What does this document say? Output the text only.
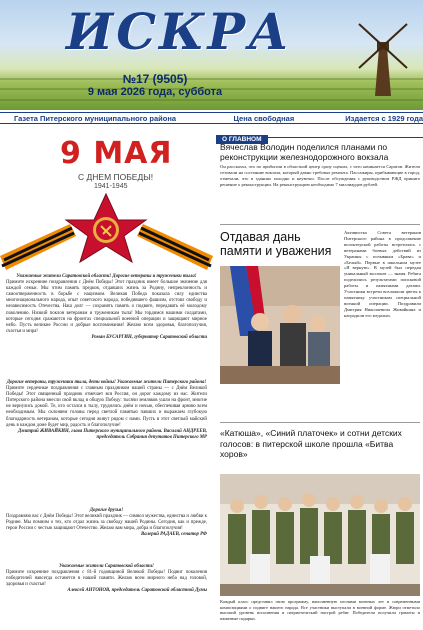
ИСКРА
№17 (9505)
9 мая 2026 года, суббота
Газета Питерского муниципального района	Цена свободная	Издается с 1929 года
9 МАЯ
С ДНЕМ ПОБЕДЫ!
1941-1945

Уважаемые жители Саратовской области! Дорогие ветераны и труженики тыла!

Примите искренние поздравления с Днём Победы! Этот праздник имеет большое значение для каждой семьи. Мы чтим память предков, отдавших жизнь за Родину, непреклонность и самоотверженность в борьбе с нацизмом. Великая Победа показала силу единства многонационального народа, опыт советского народа, победившего фашизм, отстоял свободу и независимость Отечества. Наш долг — сохранять память о подвиге, передавать её молодому поколению. Низкий поклон ветеранам и труженикам тыла! Мы гордимся нашими солдатами, которые сегодня сражаются на фронтах специальной военной операции и защищают мирное небо. Пусть великие России и добрые воспоминания! Желаю всем здоровья, благополучия, счастья и мира!

Роман БУСАРГИН, губернатор Саратовской области

Дорогие ветераны, труженики тыла, дети войны! Уважаемые жители Питерского района!

Примите сердечные поздравления с главным праздником нашей страны — с Днём Великой Победы! Этот священный праздник отмечает вся Россия, он дорог каждому из нас. Жители Питерского района внесли свой вклад в общую Победу: тысячи земляков ушли на фронт, многие не вернулись домой. Те, кто остался в тылу, трудились днём и ночью, обеспечивая армию всем необходимым. Мы склоняем головы перед светлой памятью павших и выражаем глубокую благодарность ветеранам, которые сегодня живут рядом с нами. Пусть в этот светлый майский день в каждом доме будет мир, радость и благополучие!

Дмитрий ЖИВАЙКИН, глава Питерского муниципального района. Василий АНДРЕЕВ, председатель Собрания депутатов Питерского МР

Дорогие друзья!

Поздравляю вас с Днём Победы! Этот великий праздник — символ мужества, единства и любви к Родине. Мы помним о тех, кто отдал жизнь за свободу нашей Родины. Сегодня, как и прежде, герои России с честью защищают Отечество. Желаю вам мира, добра и благополучия!

Валерий РАДАЕВ, сенатор РФ

Уважаемые жители Саратовской области!

Примите искренние поздравления с 81-й годовщиной Великой Победы! Подвиг поколения победителей навсегда останется в нашей памяти. Желаю всем мирного неба над головой, здоровья и счастья!

Алексей АНТОНОВ, председатель Саратовской областной Думы

О ГЛАВНОМ
Вячеслав Володин поделился планами по реконструкции железнодорожного вокзала
Он рассказал, что по прибытии в областной центр сразу оценил, с чего начинается Саратов. Жители сетовали на состояние вокзала, который давно требовал ремонта. Пассажиры, прибывающие в город, отмечали, что в зданиях холодно и неуютно. После обсуждения с руководством РЖД принято решение о реконструкции. На реконструкцию необходимо 7 миллиардов рублей.
Отдавая дань памяти и уважения
Активистка Совета ветеранов Питерского района в продолжение волонтерской работы встретилась с ветеранами боевых действий из Украины с позывным «Брава» и «Белый». Первые в школьном музее «Я верную». В музей был передан уникальный экспонат — знамя. Ребята поделились результатами поисковой работы и памятными датами. Участники встречи возложили цветы к памятнику участникам специальной военной операции. Поздравили Дмитрия Николаевича Живайкина и наградили его медалью.
«Катюша», «Синий платочек» и сотни детских голосов: в питерской школе прошла «Битва хоров»
Каждый класс представил свою программу, наполненную песнями военных лет и современными композициями о подвиге нашего народа. Все участники выступали в военной форме. Жюри отметило высокий уровень исполнения и патриотический настрой ребят. Победители получили грамоты и памятные подарки.
